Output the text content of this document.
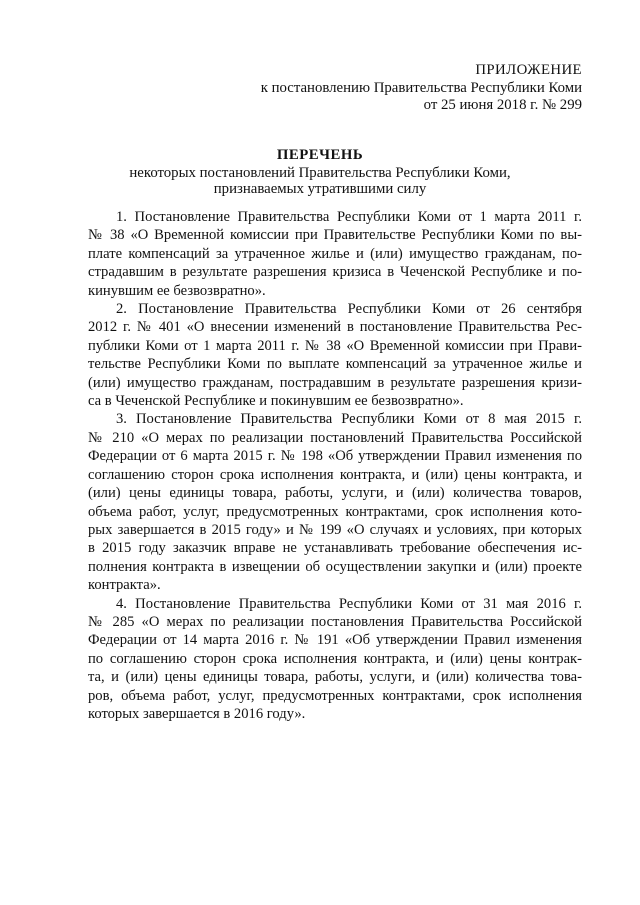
ПРИЛОЖЕНИЕ
к постановлению Правительства Республики Коми
от 25 июня 2018 г. № 299
ПЕРЕЧЕНЬ
некоторых постановлений Правительства Республики Коми,
признаваемых утратившими силу
1. Постановление Правительства Республики Коми от 1 марта 2011 г.
№ 38 «О Временной комиссии при Правительстве Республики Коми по вы-
плате компенсаций за утраченное жилье и (или) имущество гражданам, по-
страдавшим в результате разрешения кризиса в Чеченской Республике и по-
кинувшим ее безвозвратно».
2. Постановление Правительства Республики Коми от 26 сентября
2012 г. № 401 «О внесении изменений в постановление Правительства Рес-
публики Коми от 1 марта 2011 г. № 38 «О Временной комиссии при Прави-
тельстве Республики Коми по выплате компенсаций за утраченное жилье и
(или) имущество гражданам, пострадавшим в результате разрешения кризи-
са в Чеченской Республике и покинувшим ее безвозвратно».
3. Постановление Правительства Республики Коми от 8 мая 2015 г.
№ 210 «О мерах по реализации постановлений Правительства Российской
Федерации от 6 марта 2015 г. № 198 «Об утверждении Правил изменения по
соглашению сторон срока исполнения контракта, и (или) цены контракта, и
(или) цены единицы товара, работы, услуги, и (или) количества товаров,
объема работ, услуг, предусмотренных контрактами, срок исполнения кото-
рых завершается в 2015 году» и № 199 «О случаях и условиях, при которых
в 2015 году заказчик вправе не устанавливать требование обеспечения ис-
полнения контракта в извещении об осуществлении закупки и (или) проекте
контракта».
4. Постановление Правительства Республики Коми от 31 мая 2016 г.
№ 285 «О мерах по реализации постановления Правительства Российской
Федерации от 14 марта 2016 г. № 191 «Об утверждении Правил изменения
по соглашению сторон срока исполнения контракта, и (или) цены контрак-
та, и (или) цены единицы товара, работы, услуги, и (или) количества това-
ров, объема работ, услуг, предусмотренных контрактами, срок исполнения
которых завершается в 2016 году».
